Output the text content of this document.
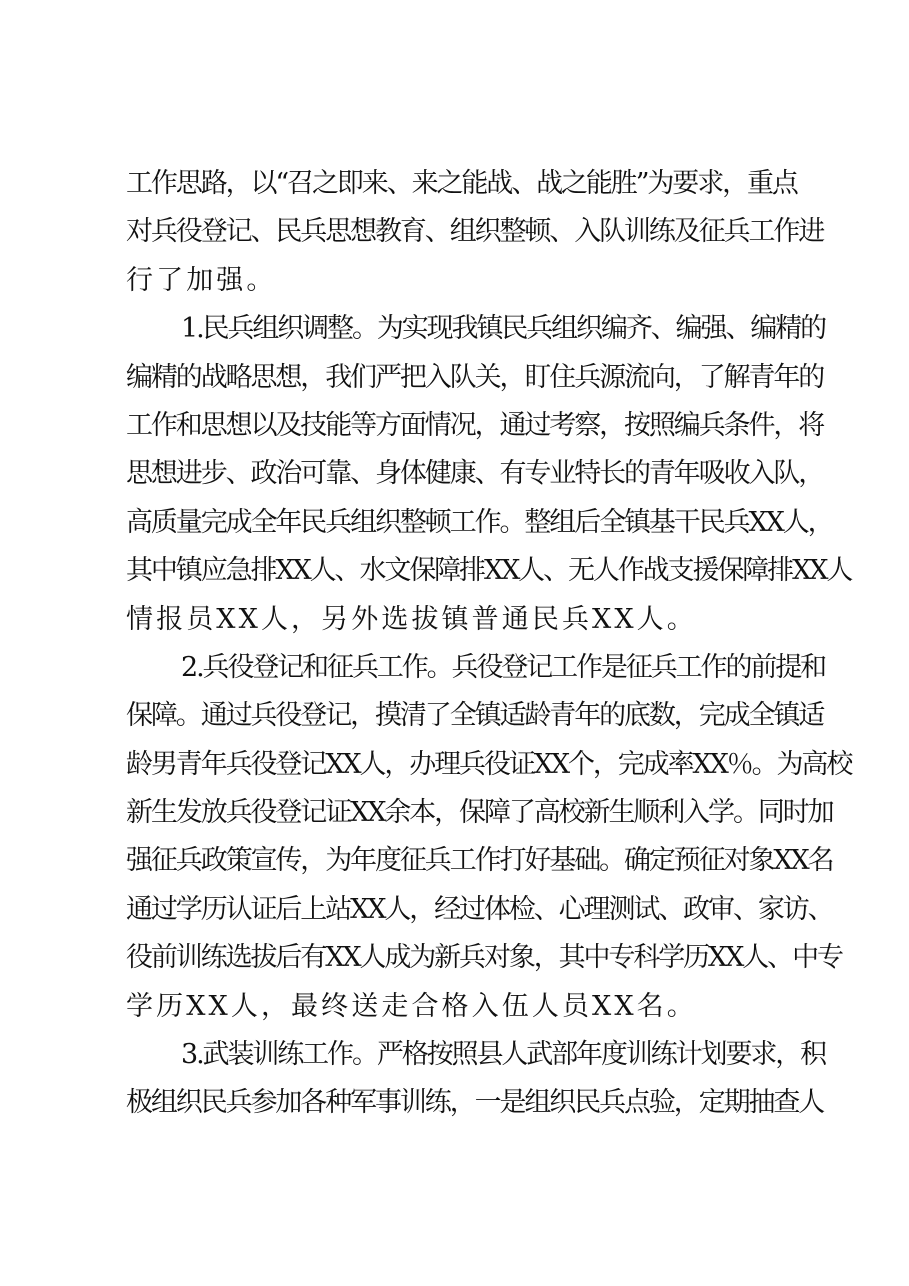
工作思路，以“召之即来、来之能战、战之能胜”为要求，重点
对兵役登记、民兵思想教育、组织整顿、入队训练及征兵工作进
行了加强。
1.民兵组织调整。为实现我镇民兵组织编齐、编强、编精的
编精的战略思想，我们严把入队关，盯住兵源流向，了解青年的
工作和思想以及技能等方面情况，通过考察，按照编兵条件，将
思想进步、政治可靠、身体健康、有专业特长的青年吸收入队，
高质量完成全年民兵组织整顿工作。整组后全镇基干民兵XX人，
其中镇应急排XX人、水文保障排XX人、无人作战支援保障排XX人
情报员XX人，另外选拔镇普通民兵XX人。
2.兵役登记和征兵工作。兵役登记工作是征兵工作的前提和
保障。通过兵役登记，摸清了全镇适龄青年的底数，完成全镇适
龄男青年兵役登记XX人，办理兵役证XX个，完成率XX％。为高校
新生发放兵役登记证XX余本，保障了高校新生顺利入学。同时加
强征兵政策宣传，为年度征兵工作打好基础。确定预征对象XX名
通过学历认证后上站XX人，经过体检、心理测试、政审、家访、
役前训练选拔后有XX人成为新兵对象，其中专科学历XX人、中专
学历XX人，最终送走合格入伍人员XX名。
3.武装训练工作。严格按照县人武部年度训练计划要求，积
极组织民兵参加各种军事训练，一是组织民兵点验，定期抽查人
